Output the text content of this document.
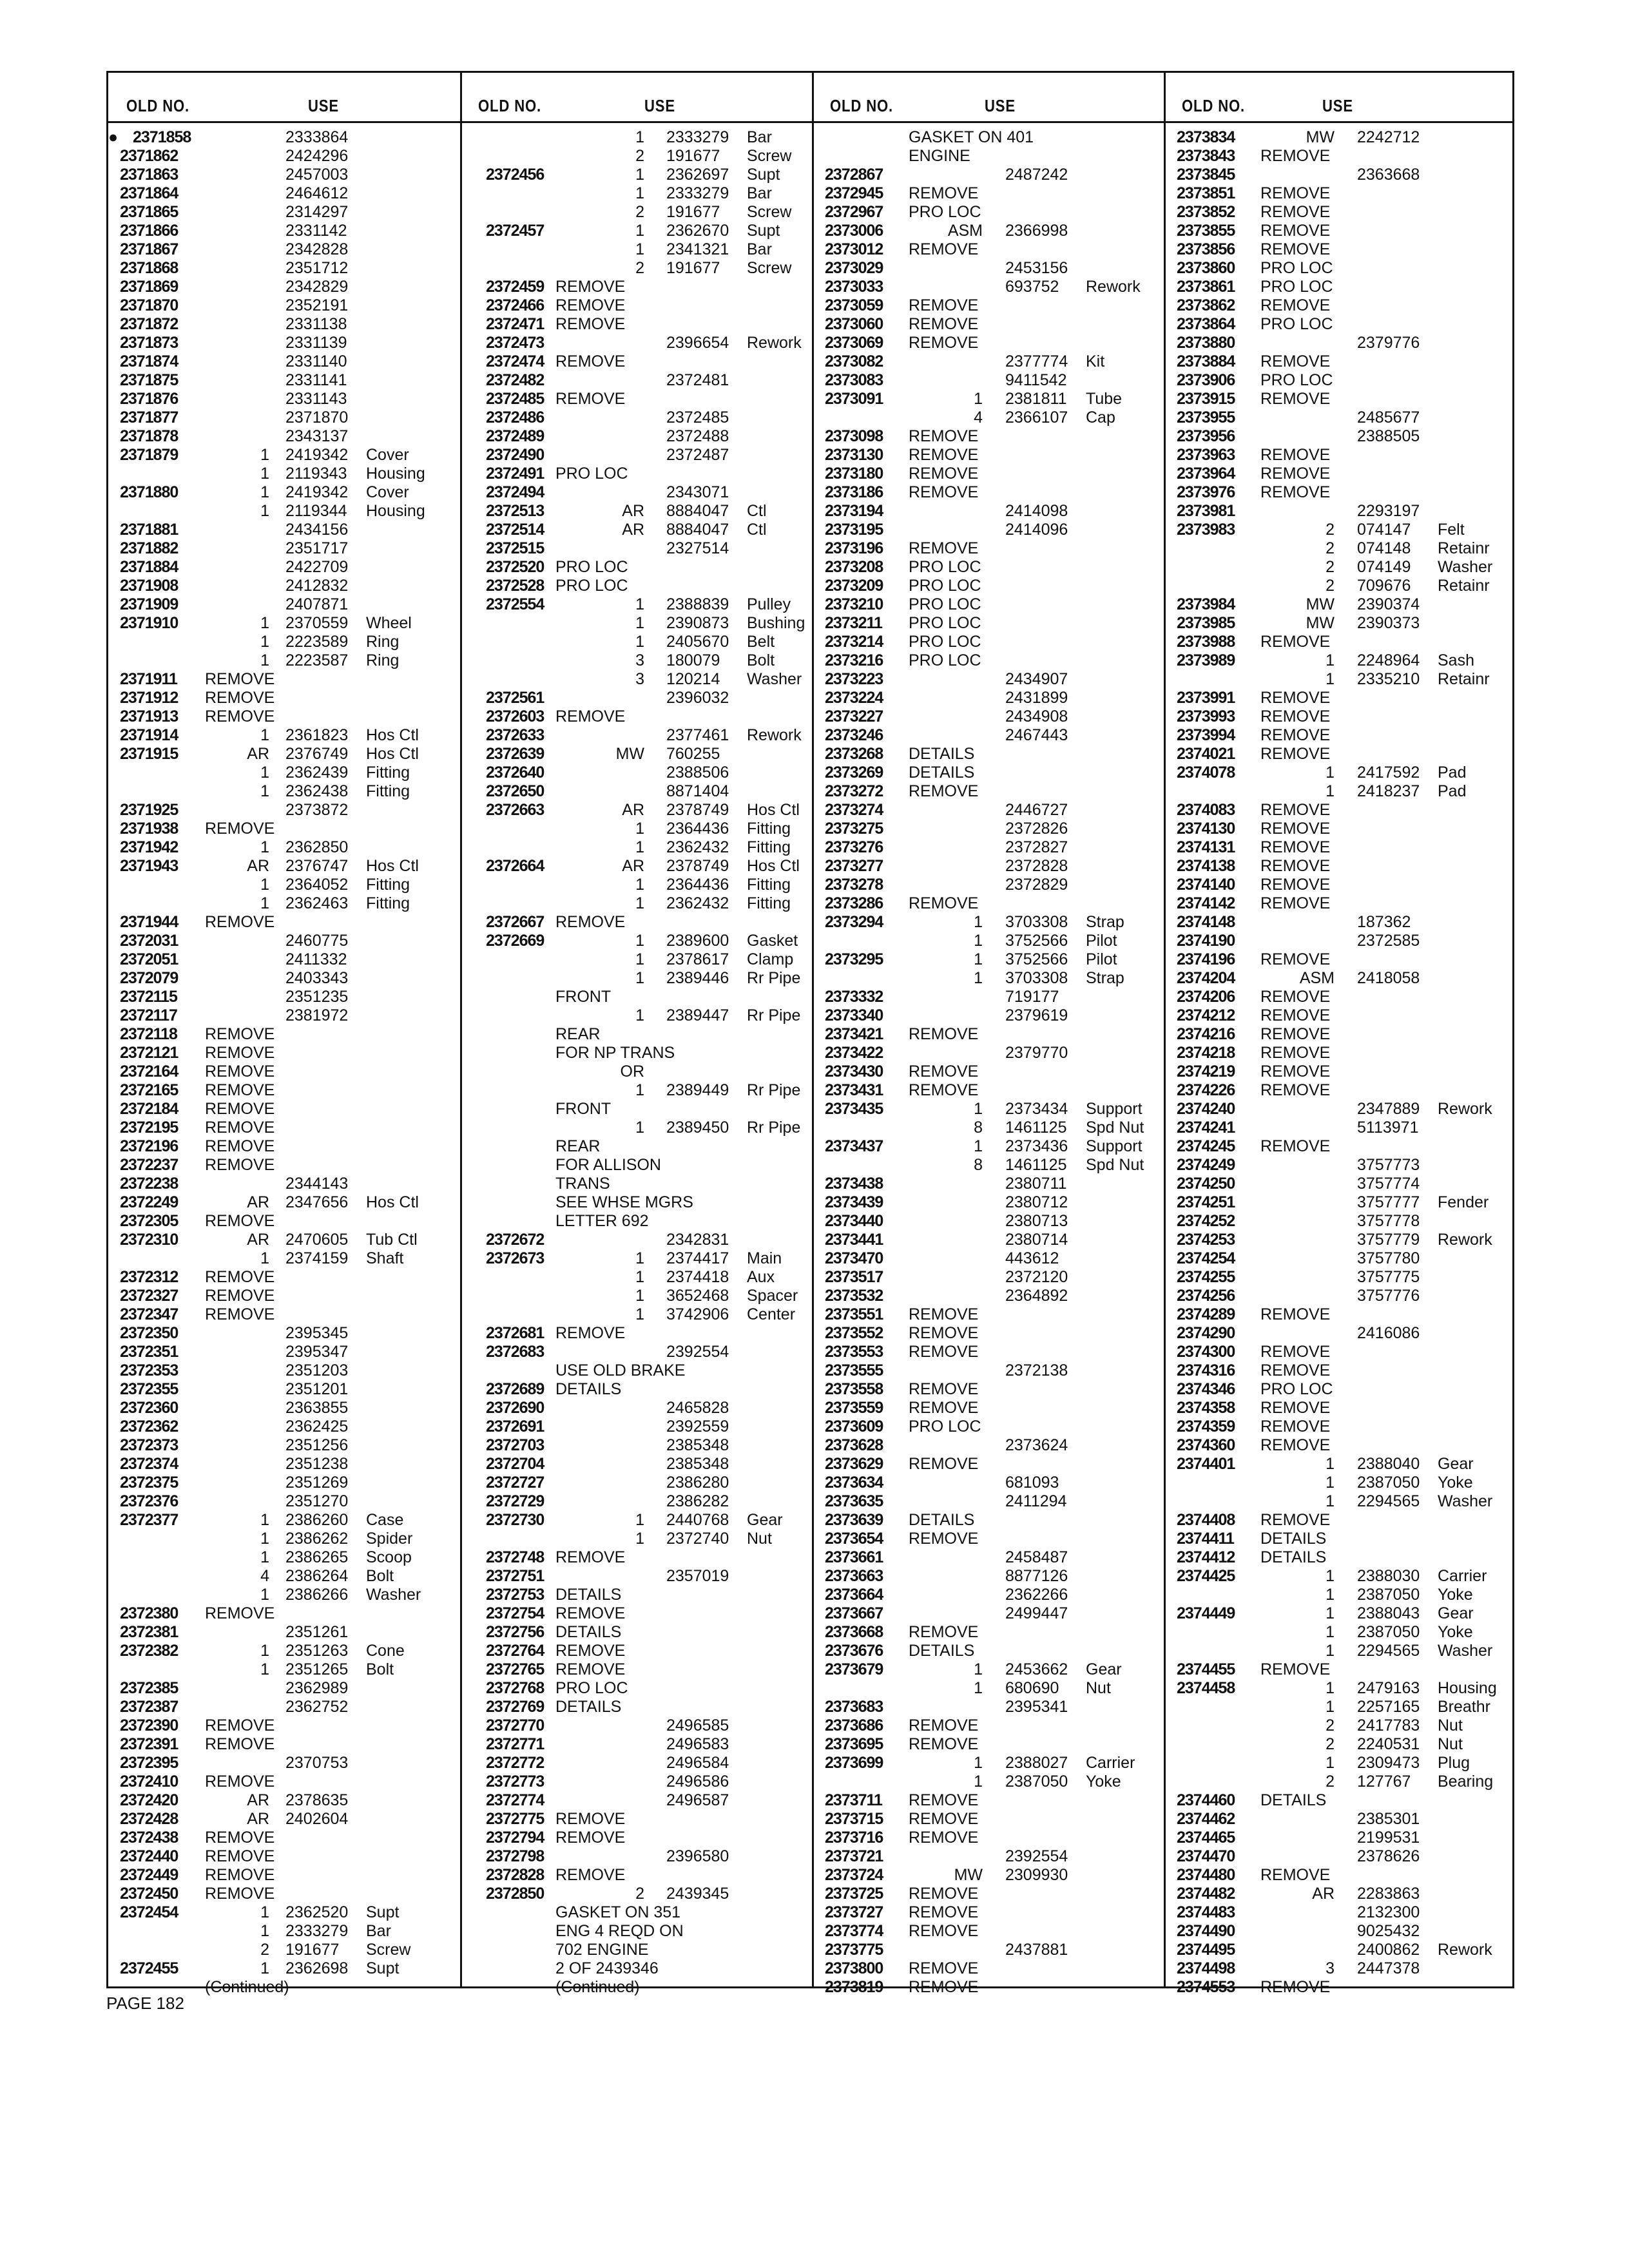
OLD NO.	USE	OLD NO.	USE	OLD NO.	USE	OLD NO.	USE
● 2371858	2333864
2371862	2424296
2371863	2457003
2371864	2464612
2371865	2314297
2371866	2331142
2371867	2342828
2371868	2351712
2371869	2342829
2371870	2352191
2371872	2331138
2371873	2331139
2371874	2331140
2371875	2331141
2371876	2331143
2371877	2371870
2371878	2343137
2371879	1 2419342 Cover
1 2119343 Housing
2371880	1 2419342 Cover
1 2119344 Housing
2371881	2434156
2371882	2351717
2371884	2422709
2371908	2412832
2371909	2407871
2371910	1 2370559 Wheel
1 2223589 Ring
1 2223587 Ring
2371911 REMOVE
2371912 REMOVE
2371913 REMOVE
2371914	1 2361823 Hos Ctl
2371915	AR 2376749 Hos Ctl
1 2362439 Fitting
1 2362438 Fitting
2371925	2373872
2371938 REMOVE
2371942	1 2362850
2371943	AR 2376747 Hos Ctl
1 2364052 Fitting
1 2362463 Fitting
2371944 REMOVE
2372031	2460775
2372051	2411332
2372079	2403343
2372115	2351235
2372117	2381972
2372118 REMOVE
2372121 REMOVE
2372164 REMOVE
2372165 REMOVE
2372184 REMOVE
2372195 REMOVE
2372196 REMOVE
2372237 REMOVE
2372238	2344143
2372249	AR 2347656 Hos Ctl
2372305 REMOVE
2372310	AR 2470605 Tub Ctl
1 2374159 Shaft
2372312 REMOVE
2372327 REMOVE
2372347 REMOVE
2372350	2395345
2372351	2395347
2372353	2351203
2372355	2351201
2372360	2363855
2372362	2362425
2372373	2351256
2372374	2351238
2372375	2351269
2372376	2351270
2372377	1 2386260 Case
1 2386262 Spider
1 2386265 Scoop
4 2386264 Bolt
1 2386266 Washer
2372380 REMOVE
2372381	2351261
2372382	1 2351263 Cone
1 2351265 Bolt
2372385	2362989
2372387	2362752
2372390 REMOVE
2372391 REMOVE
2372395	2370753
2372410 REMOVE
2372420	AR 2378635
2372428	AR 2402604
2372438 REMOVE
2372440 REMOVE
2372449 REMOVE
2372450 REMOVE
2372454	1 2362520 Supt
1 2333279 Bar
2 191677 Screw
2372455	1 2362698 Supt
(Continued)
1 2333279 Bar
2 191677 Screw
2372456	1 2362697 Supt
1 2333279 Bar
2 191677 Screw
2372457	1 2362670 Supt
1 2341321 Bar
2 191677 Screw
2372459 REMOVE
2372466 REMOVE
2372471 REMOVE
2372473	2396654 Rework
2372474 REMOVE
2372482	2372481
2372485 REMOVE
2372486	2372485
2372489	2372488
2372490	2372487
2372491 PRO LOC
2372494	2343071
2372513	AR 8884047 Ctl
2372514	AR 8884047 Ctl
2372515	2327514
2372520 PRO LOC
2372528 PRO LOC
2372554	1 2388839 Pulley
1 2390873 Bushing
1 2405670 Belt
3 180079 Bolt
3 120214 Washer
2372561	2396032
2372603 REMOVE
2372633	2377461 Rework
2372639	MW 760255
2372640	2388506
2372650	8871404
2372663	AR 2378749 Hos Ctl
1 2364436 Fitting
1 2362432 Fitting
2372664	AR 2378749 Hos Ctl
1 2364436 Fitting
1 2362432 Fitting
2372667 REMOVE
2372669	1 2389600 Gasket
1 2378617 Clamp
1 2389446 Rr Pipe
FRONT
1 2389447 Rr Pipe
REAR
FOR NP TRANS
OR
1 2389449 Rr Pipe
FRONT
1 2389450 Rr Pipe
REAR
FOR ALLISON
TRANS
SEE WHSE MGRS
LETTER 692
2372672	2342831
2372673	1 2374417 Main
1 2374418 Aux
1 3652468 Spacer
1 3742906 Center
2372681 REMOVE
2372683	2392554
USE OLD BRAKE
2372689 DETAILS
2372690	2465828
2372691	2392559
2372703	2385348
2372704	2385348
2372727	2386280
2372729	2386282
2372730	1 2440768 Gear
1 2372740 Nut
2372748 REMOVE
2372751	2357019
2372753 DETAILS
2372754 REMOVE
2372756 DETAILS
2372764 REMOVE
2372765 REMOVE
2372768 PRO LOC
2372769 DETAILS
2372770	2496585
2372771	2496583
2372772	2496584
2372773	2496586
2372774	2496587
2372775 REMOVE
2372794 REMOVE
2372798	2396580
2372828 REMOVE
2372850	2 2439345
GASKET ON 351
ENG 4 REQD ON
702 ENGINE
2 OF 2439346
(Continued)
GASKET ON 401
ENGINE
2372867	2487242
2372945 REMOVE
2372967 PRO LOC
2373006	ASM 2366998
2373012 REMOVE
2373029	2453156
2373033	693752 Rework
2373059 REMOVE
2373060 REMOVE
2373069 REMOVE
2373082	2377774 Kit
2373083	9411542
2373091	1 2381811 Tube
4 2366107 Cap
2373098 REMOVE
2373130 REMOVE
2373180 REMOVE
2373186 REMOVE
2373194	2414098
2373195	2414096
2373196 REMOVE
2373208 PRO LOC
2373209 PRO LOC
2373210 PRO LOC
2373211 PRO LOC
2373214 PRO LOC
2373216 PRO LOC
2373223	2434907
2373224	2431899
2373227	2434908
2373246	2467443
2373268 DETAILS
2373269 DETAILS
2373272 REMOVE
2373274	2446727
2373275	2372826
2373276	2372827
2373277	2372828
2373278	2372829
2373286 REMOVE
2373294	1 3703308 Strap
1 3752566 Pilot
2373295	1 3752566 Pilot
1 3703308 Strap
2373332	719177
2373340	2379619
2373421 REMOVE
2373422	2379770
2373430 REMOVE
2373431 REMOVE
2373435	1 2373434 Support
8 1461125 Spd Nut
2373437	1 2373436 Support
8 1461125 Spd Nut
2373438	2380711
2373439	2380712
2373440	2380713
2373441	2380714
2373470	443612
2373517	2372120
2373532	2364892
2373551 REMOVE
2373552 REMOVE
2373553 REMOVE
2373555	2372138
2373558 REMOVE
2373559 REMOVE
2373609 PRO LOC
2373628	2373624
2373629 REMOVE
2373634	681093
2373635	2411294
2373639 DETAILS
2373654 REMOVE
2373661	2458487
2373663	8877126
2373664	2362266
2373667	2499447
2373668 REMOVE
2373676 DETAILS
2373679	1 2453662 Gear
1 680690 Nut
2373683	2395341
2373686 REMOVE
2373695 REMOVE
2373699	1 2388027 Carrier
1 2387050 Yoke
2373711 REMOVE
2373715 REMOVE
2373716 REMOVE
2373721	2392554
2373724	MW 2309930
2373725 REMOVE
2373727 REMOVE
2373774 REMOVE
2373775	2437881
2373800 REMOVE
2373819 REMOVE
2373834	MW 2242712
2373843 REMOVE
2373845	2363668
2373851 REMOVE
2373852 REMOVE
2373855 REMOVE
2373856 REMOVE
2373860 PRO LOC
2373861 PRO LOC
2373862 REMOVE
2373864 PRO LOC
2373880	2379776
2373884 REMOVE
2373906 PRO LOC
2373915 REMOVE
2373955	2485677
2373956	2388505
2373963 REMOVE
2373964 REMOVE
2373976 REMOVE
2373981	2293197
2373983	2 074147 Felt
2 074148 Retainr
2 074149 Washer
2 709676 Retainr
2373984	MW 2390374
2373985	MW 2390373
2373988 REMOVE
2373989	1 2248964 Sash
1 2335210 Retainr
2373991 REMOVE
2373993 REMOVE
2373994 REMOVE
2374021 REMOVE
2374078	1 2417592 Pad
1 2418237 Pad
2374083 REMOVE
2374130 REMOVE
2374131 REMOVE
2374138 REMOVE
2374140 REMOVE
2374142 REMOVE
2374148	187362
2374190	2372585
2374196 REMOVE
2374204	ASM 2418058
2374206 REMOVE
2374212 REMOVE
2374216 REMOVE
2374218 REMOVE
2374219 REMOVE
2374226 REMOVE
2374240	2347889 Rework
2374241	5113971
2374245 REMOVE
2374249	3757773
2374250	3757774
2374251	3757777 Fender
2374252	3757778
2374253	3757779 Rework
2374254	3757780
2374255	3757775
2374256	3757776
2374289 REMOVE
2374290	2416086
2374300 REMOVE
2374316 REMOVE
2374346 PRO LOC
2374358 REMOVE
2374359 REMOVE
2374360 REMOVE
2374401	1 2388040 Gear
1 2387050 Yoke
1 2294565 Washer
2374408 REMOVE
2374411 DETAILS
2374412 DETAILS
2374425	1 2388030 Carrier
1 2387050 Yoke
2374449	1 2388043 Gear
1 2387050 Yoke
1 2294565 Washer
2374455 REMOVE
2374458	1 2479163 Housing
1 2257165 Breathr
2 2417783 Nut
2 2240531 Nut
1 2309473 Plug
2 127767 Bearing
2374460 DETAILS
2374462	2385301
2374465	2199531
2374470	2378626
2374480 REMOVE
2374482	AR 2283863
2374483	2132300
2374490	9025432
2374495	2400862 Rework
2374498	3 2447378
2374553 REMOVE
PAGE 182
